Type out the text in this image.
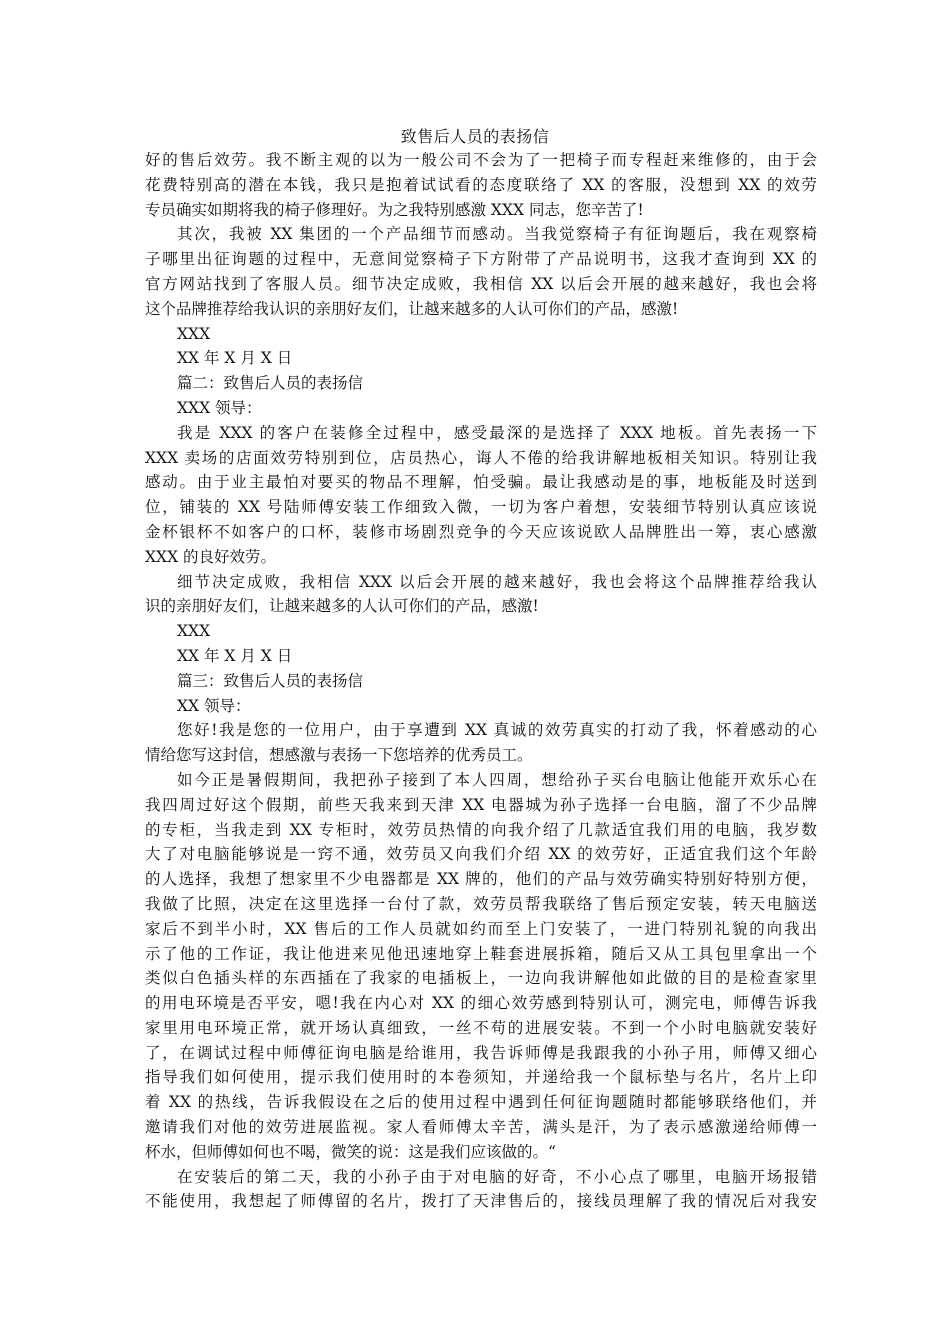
致售后人员的表扬信
好的售后效劳。我不断主观的以为一般公司不会为了一把椅子而专程赶来维修的，由于会
花费特别高的潜在本钱，我只是抱着试试看的态度联络了 XX 的客服，没想到 XX 的效劳
专员确实如期将我的椅子修理好。为之我特别感激 XXX 同志，您辛苦了!
其次，我被 XX 集团的一个产品细节而感动。当我觉察椅子有征询题后，我在观察椅
子哪里出征询题的过程中，无意间觉察椅子下方附带了产品说明书，这我才查询到 XX 的
官方网站找到了客服人员。细节决定成败，我相信 XX 以后会开展的越来越好，我也会将
这个品牌推荐给我认识的亲朋好友们，让越来越多的人认可你们的产品，感激!
XXX
XX 年 X 月 X 日
篇二：致售后人员的表扬信
XXX 领导：
我是 XXX 的客户在装修全过程中，感受最深的是选择了 XXX 地板。首先表扬一下
XXX 卖场的店面效劳特别到位，店员热心，诲人不倦的给我讲解地板相关知识。特别让我
感动。由于业主最怕对要买的物品不理解，怕受骗。最让我感动是的事，地板能及时送到
位，铺装的 XX 号陆师傅安装工作细致入微，一切为客户着想，安装细节特别认真应该说
金杯银杯不如客户的口杯，装修市场剧烈竞争的今天应该说欧人品牌胜出一筹，衷心感激
XXX 的良好效劳。
细节决定成败，我相信 XXX 以后会开展的越来越好，我也会将这个品牌推荐给我认
识的亲朋好友们，让越来越多的人认可你们的产品，感激!
XXX
XX 年 X 月 X 日
篇三：致售后人员的表扬信
XX 领导：
您好!我是您的一位用户，由于享遭到 XX 真诚的效劳真实的打动了我，怀着感动的心
情给您写这封信，想感激与表扬一下您培养的优秀员工。
如今正是暑假期间，我把孙子接到了本人四周，想给孙子买台电脑让他能开欢乐心在
我四周过好这个假期，前些天我来到天津 XX 电器城为孙子选择一台电脑，溜了不少品牌
的专柜，当我走到 XX 专柜时，效劳员热情的向我介绍了几款适宜我们用的电脑，我岁数
大了对电脑能够说是一窍不通，效劳员又向我们介绍 XX 的效劳好，正适宜我们这个年龄
的人选择，我想了想家里不少电器都是 XX 牌的，他们的产品与效劳确实特别好特别方便，
我做了比照，决定在这里选择一台付了款，效劳员帮我联络了售后预定安装，转天电脑送
家后不到半小时，XX 售后的工作人员就如约而至上门安装了，一进门特别礼貌的向我出
示了他的工作证，我让他进来见他迅速地穿上鞋套进展拆箱，随后又从工具包里拿出一个
类似白色插头样的东西插在了我家的电插板上，一边向我讲解他如此做的目的是检查家里
的用电环境是否平安，嗯!我在内心对 XX 的细心效劳感到特别认可，测完电，师傅告诉我
家里用电环境正常，就开场认真细致，一丝不苟的进展安装。不到一个小时电脑就安装好
了，在调试过程中师傅征询电脑是给谁用，我告诉师傅是我跟我的小孙子用，师傅又细心
指导我们如何使用，提示我们使用时的本卷须知，并递给我一个鼠标垫与名片，名片上印
着 XX 的热线，告诉我假设在之后的使用过程中遇到任何征询题随时都能够联络他们，并
邀请我们对他的效劳进展监视。家人看师傅太辛苦，满头是汗，为了表示感激递给师傅一
杯水，但师傅如何也不喝，微笑的说：这是我们应该做的。“
在安装后的第二天，我的小孙子由于对电脑的好奇，不小心点了哪里，电脑开场报错
不能使用，我想起了师傅留的名片，拨打了天津售后的，接线员理解了我的情况后对我安
